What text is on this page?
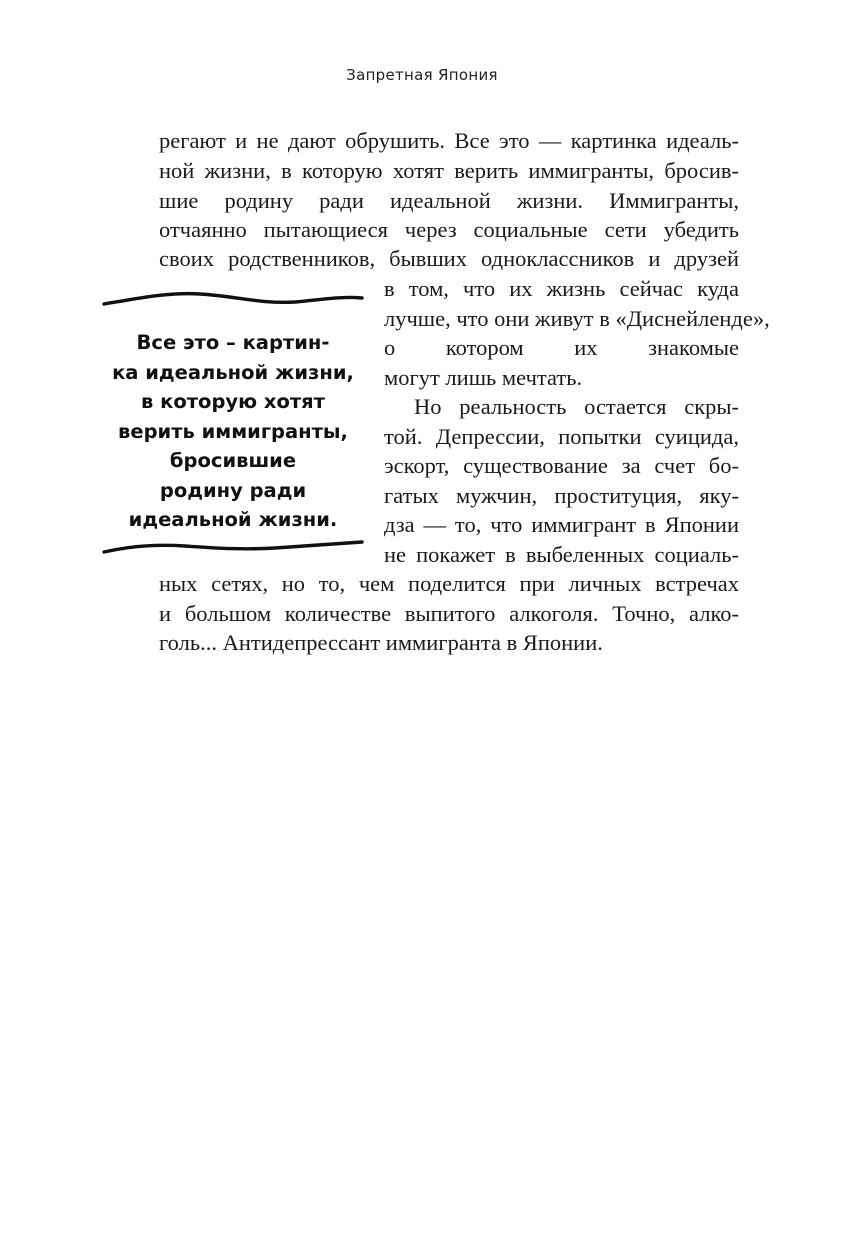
Запретная Япония
регают и не дают обрушить. Все это — картинка идеаль-
ной жизни, в которую хотят верить иммигранты, бросив-
шие родину ради идеальной жизни. Иммигранты,
отчаянно пытающиеся через социальные сети убедить
своих родственников, бывших одноклассников и друзей
в том, что их жизнь сейчас куда
лучше, что они живут в «Диснейленде»,
о котором их знакомые
могут лишь мечтать.
Но реальность остается скры-
той. Депрессии, попытки суицида,
эскорт, существование за счет бо-
гатых мужчин, проституция, яку-
дза — то, что иммигрант в Японии
не покажет в выбеленных социаль-
ных сетях, но то, чем поделится при личных встречах
и большом количестве выпитого алкоголя. Точно, алко-
голь... Антидепрессант иммигранта в Японии.
Все это – картин-
ка идеальной жизни,
в которую хотят
верить иммигранты,
бросившие
родину ради
идеальной жизни.
